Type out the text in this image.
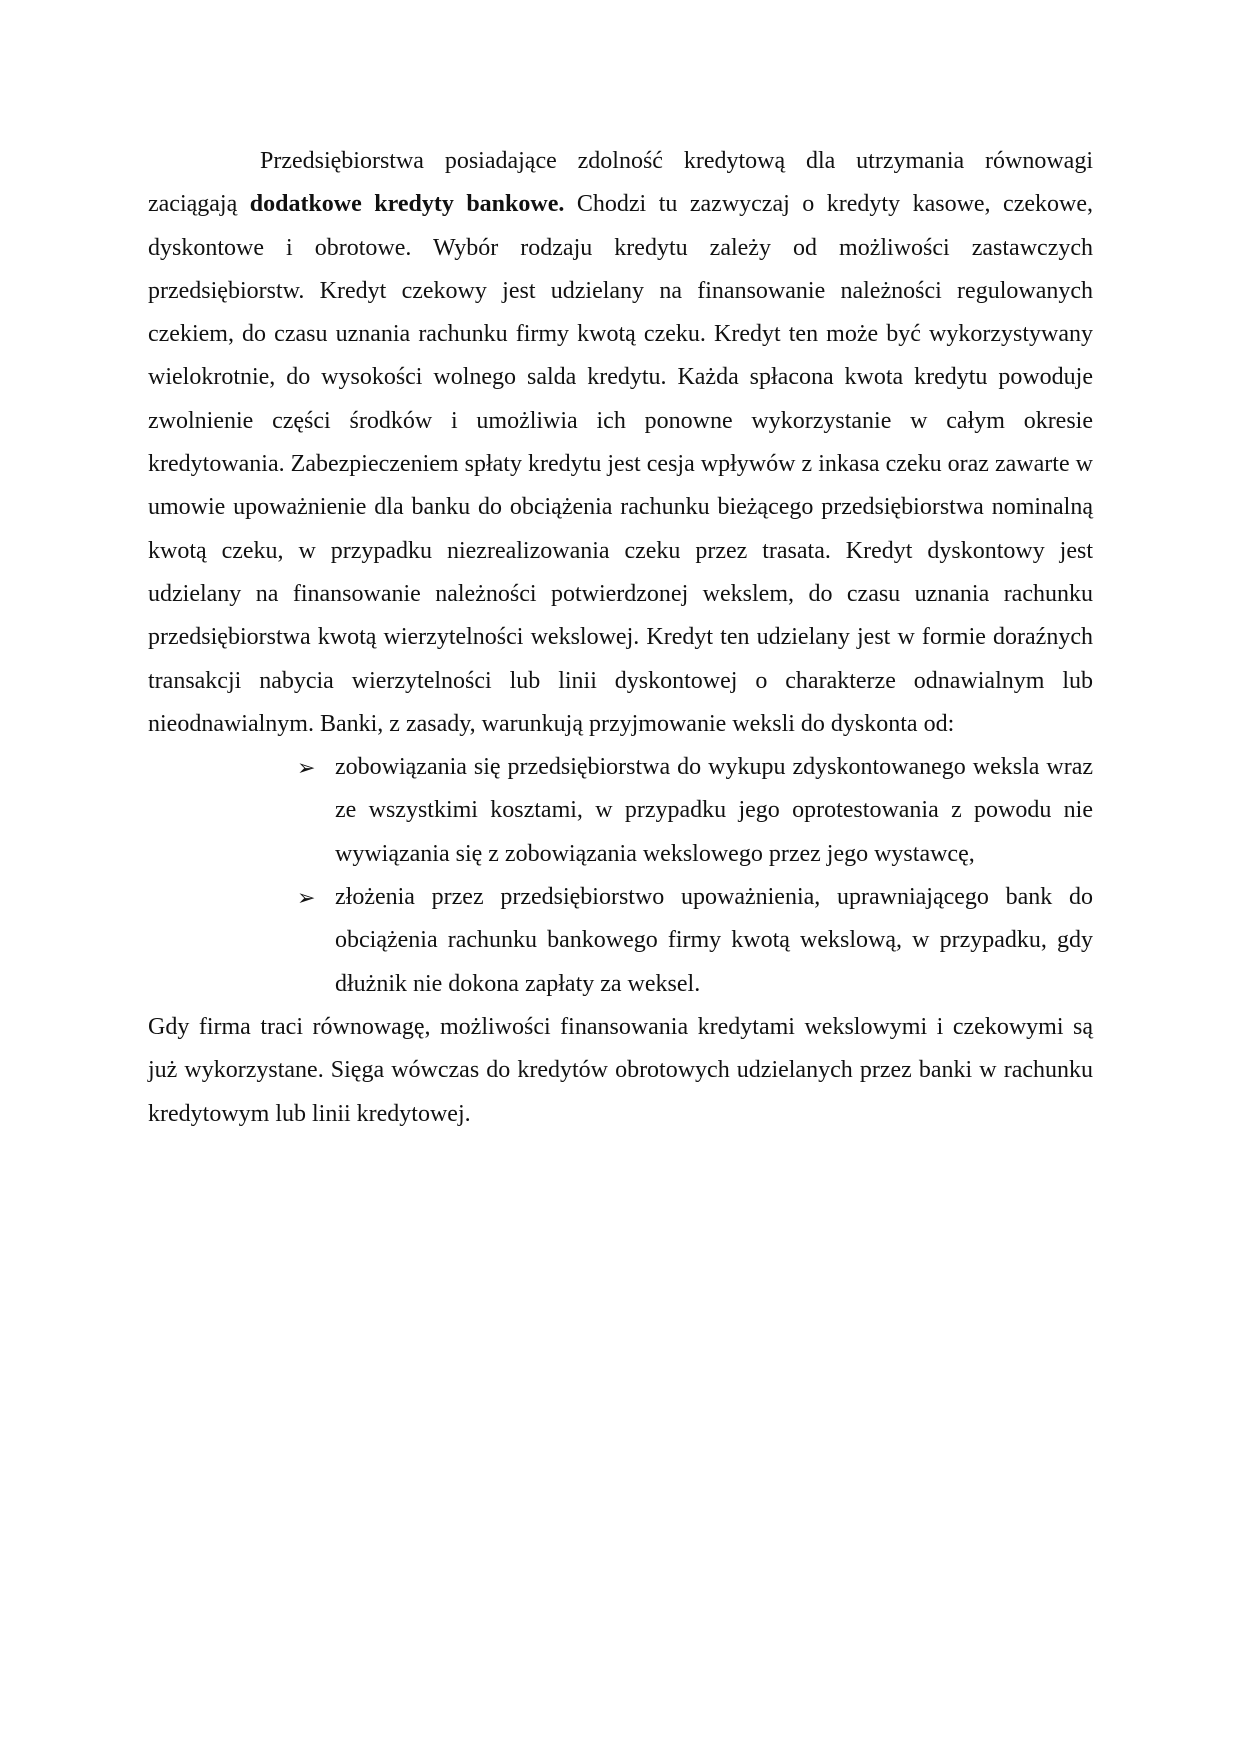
Przedsiębiorstwa posiadające zdolność kredytową dla utrzymania równowagi zaciągają dodatkowe kredyty bankowe. Chodzi tu zazwyczaj o kredyty kasowe, czekowe, dyskontowe i obrotowe. Wybór rodzaju kredytu zależy od możliwości zastawczych przedsiębiorstw. Kredyt czekowy jest udzielany na finansowanie należności regulowanych czekiem, do czasu uznania rachunku firmy kwotą czeku. Kredyt ten może być wykorzystywany wielokrotnie, do wysokości wolnego salda kredytu. Każda spłacona kwota kredytu powoduje zwolnienie części środków i umożliwia ich ponowne wykorzystanie w całym okresie kredytowania. Zabezpieczeniem spłaty kredytu jest cesja wpływów z inkasa czeku oraz zawarte w umowie upoważnienie dla banku do obciążenia rachunku bieżącego przedsiębiorstwa nominalną kwotą czeku, w przypadku niezrealizowania czeku przez trasata. Kredyt dyskontowy jest udzielany na finansowanie należności potwierdzonej wekslem, do czasu uznania rachunku przedsiębiorstwa kwotą wierzytelności wekslowej. Kredyt ten udzielany jest w formie doraźnych transakcji nabycia wierzytelności lub linii dyskontowej o charakterze odnawialnym lub nieodnawialnym. Banki, z zasady, warunkują przyjmowanie weksli do dyskonta od:

➢ zobowiązania się przedsiębiorstwa do wykupu zdyskontowanego weksla wraz ze wszystkimi kosztami, w przypadku jego oprotestowania z powodu nie wywiązania się z zobowiązania wekslowego przez jego wystawcę,
➢ złożenia przez przedsiębiorstwo upoważnienia, uprawniającego bank do obciążenia rachunku bankowego firmy kwotą wekslową, w przypadku, gdy dłużnik nie dokona zapłaty za weksel.

Gdy firma traci równowagę, możliwości finansowania kredytami wekslowymi i czekowymi są już wykorzystane. Sięga wówczas do kredytów obrotowych udzielanych przez banki w rachunku kredytowym lub linii kredytowej.
